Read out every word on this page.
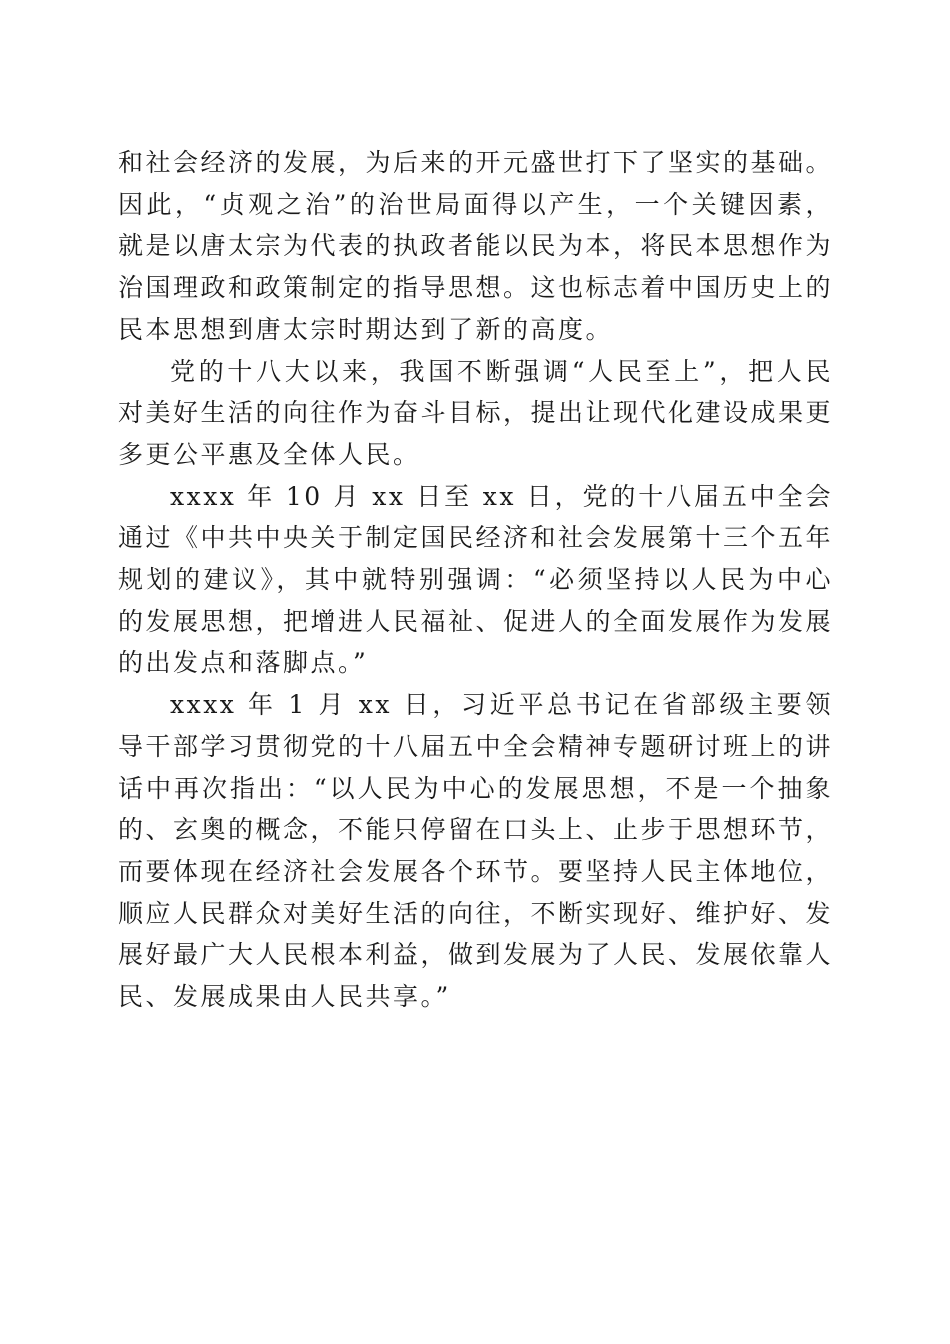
和社会经济的发展，为后来的开元盛世打下了坚实的基础。因此，“贞观之治”的治世局面得以产生，一个关键因素，就是以唐太宗为代表的执政者能以民为本，将民本思想作为治国理政和政策制定的指导思想。这也标志着中国历史上的民本思想到唐太宗时期达到了新的高度。

党的十八大以来，我国不断强调“人民至上”，把人民对美好生活的向往作为奋斗目标，提出让现代化建设成果更多更公平惠及全体人民。

xxxx 年 10 月 xx 日至 xx 日，党的十八届五中全会通过《中共中央关于制定国民经济和社会发展第十三个五年规划的建议》，其中就特别强调：“必须坚持以人民为中心的发展思想，把增进人民福祉、促进人的全面发展作为发展的出发点和落脚点。”

xxxx 年 1 月 xx 日，习近平总书记在省部级主要领导干部学习贯彻党的十八届五中全会精神专题研讨班上的讲话中再次指出：“以人民为中心的发展思想，不是一个抽象的、玄奥的概念，不能只停留在口头上、止步于思想环节，而要体现在经济社会发展各个环节。要坚持人民主体地位，顺应人民群众对美好生活的向往，不断实现好、维护好、发展好最广大人民根本利益，做到发展为了人民、发展依靠人民、发展成果由人民共享。”
